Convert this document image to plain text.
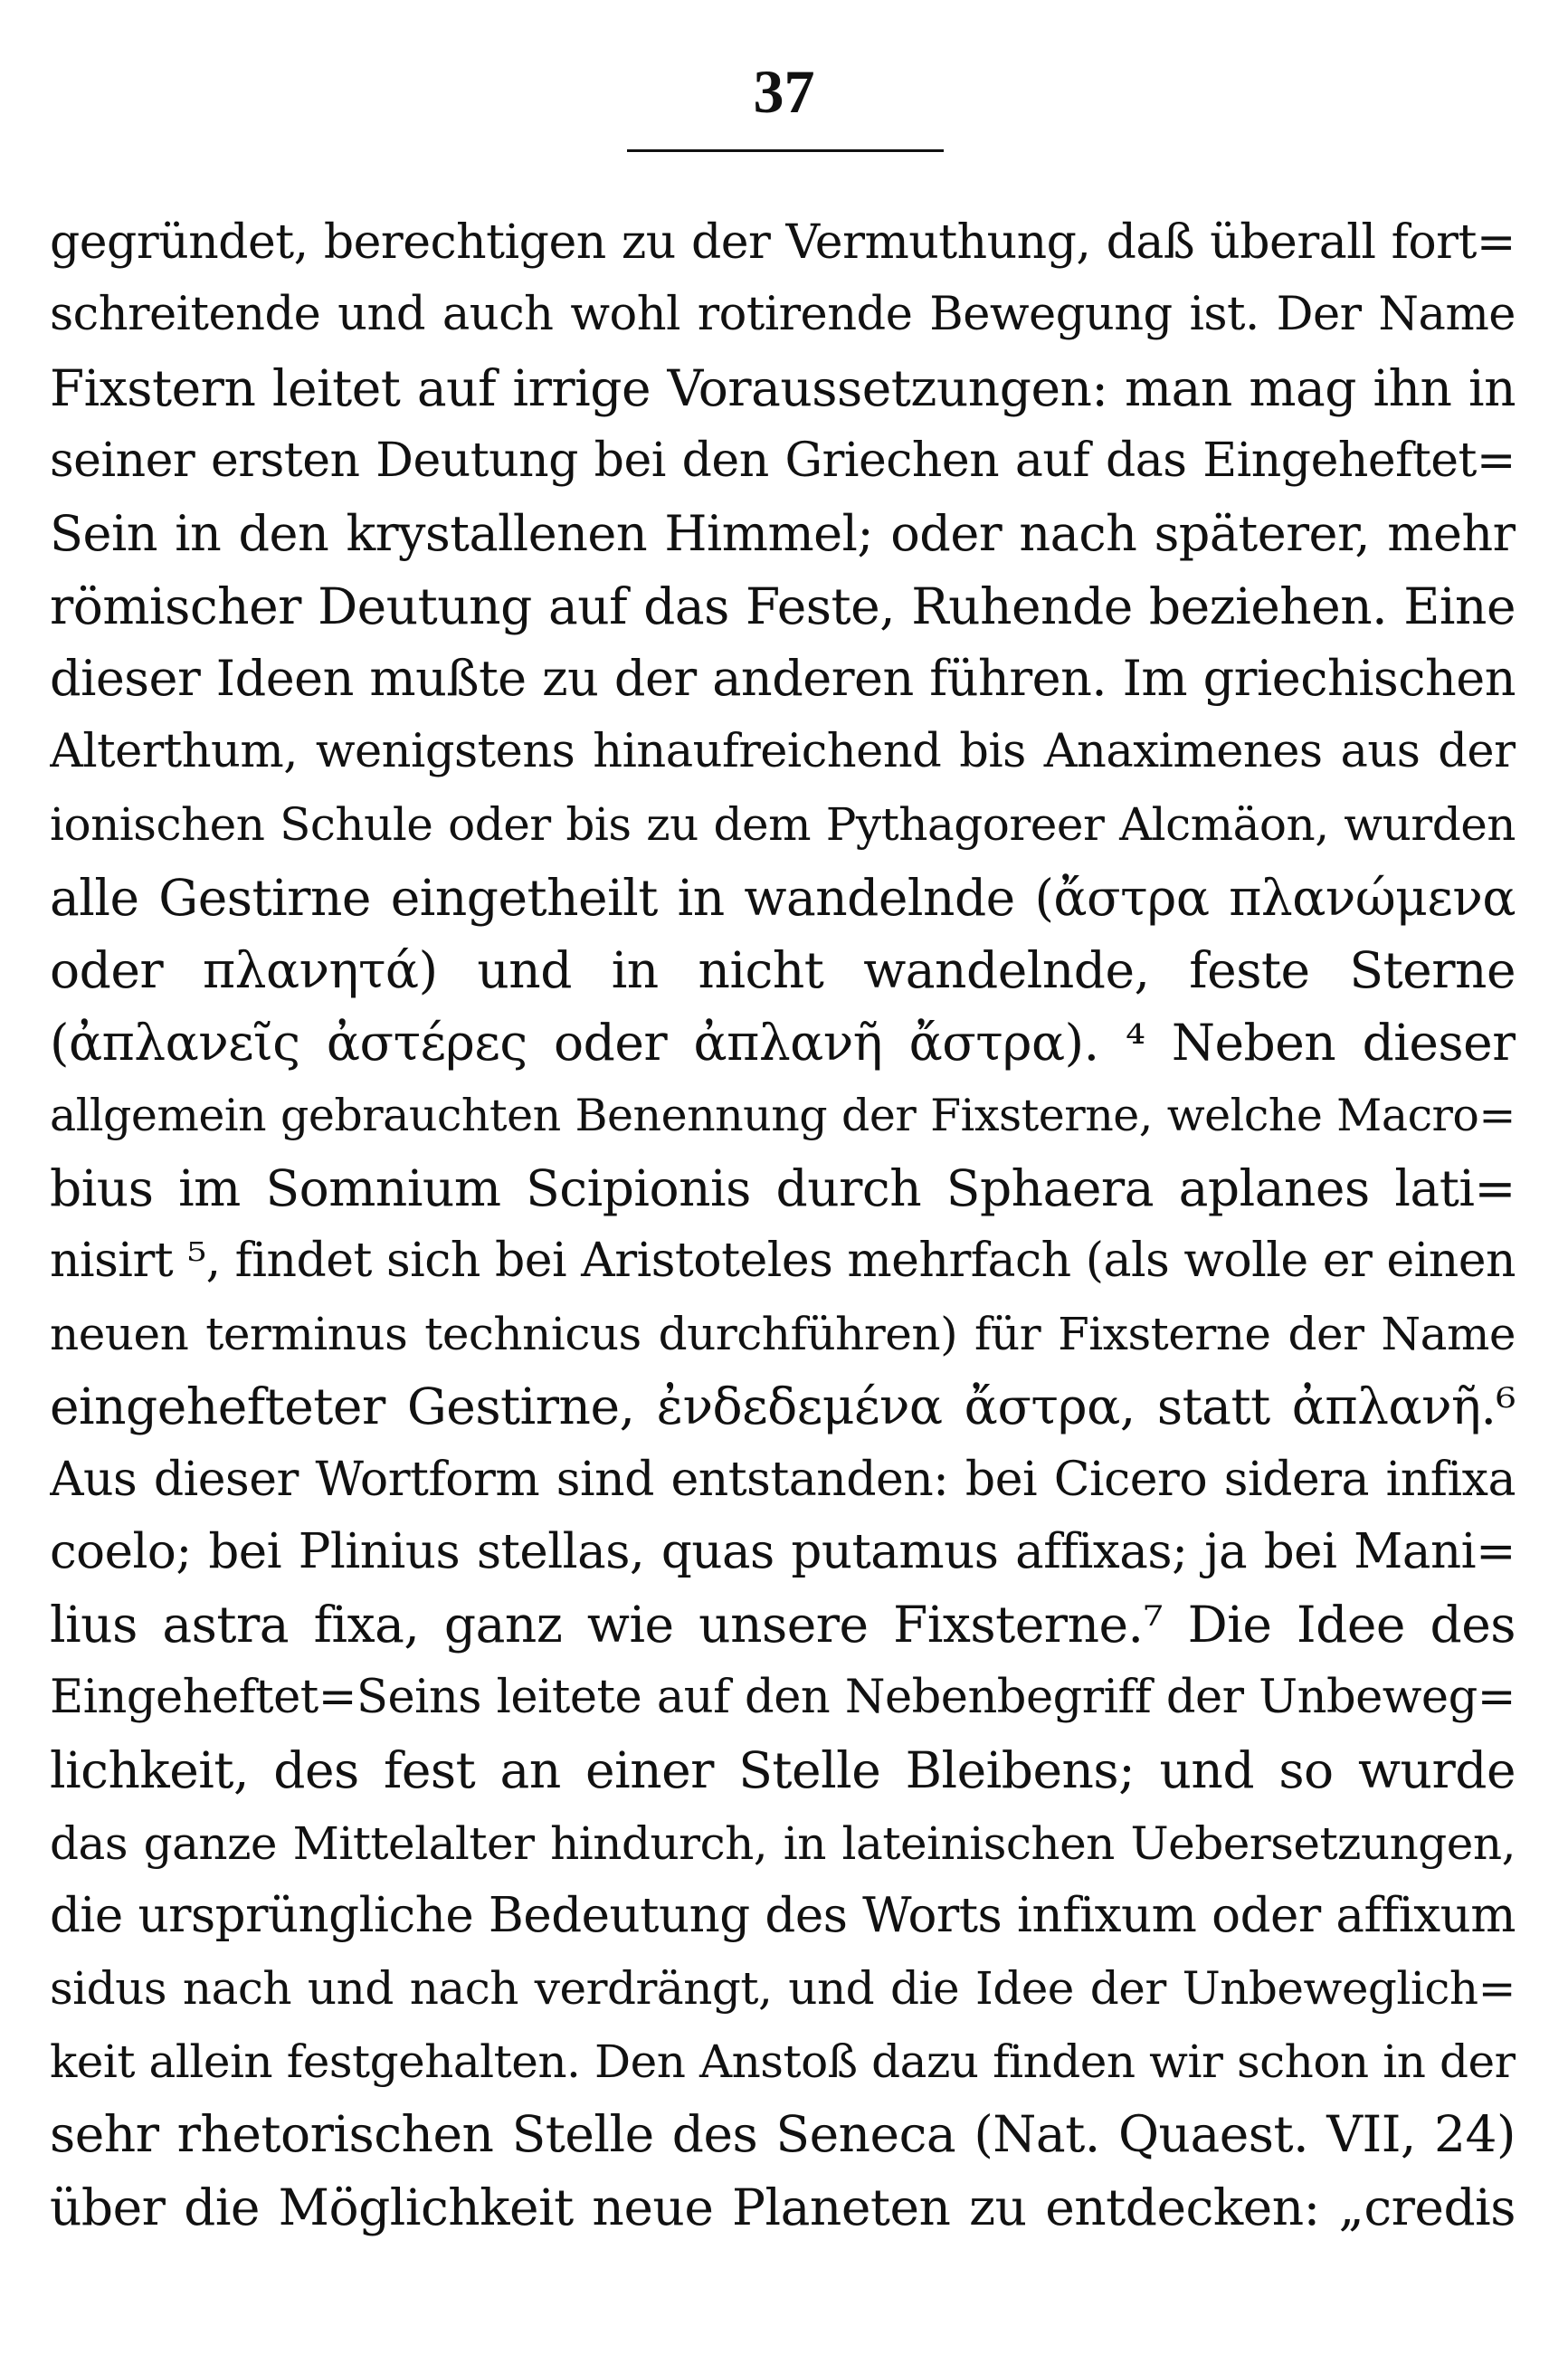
37
gegründet, berechtigen zu der Vermuthung, daß überall fort=
schreitende und auch wohl rotirende Bewegung ist. Der Name
Fixstern leitet auf irrige Voraussetzungen: man mag ihn in
seiner ersten Deutung bei den Griechen auf das Eingeheftet=
Sein in den krystallenen Himmel; oder nach späterer, mehr
römischer Deutung auf das Feste, Ruhende beziehen. Eine
dieser Ideen mußte zu der anderen führen. Im griechischen
Alterthum, wenigstens hinaufreichend bis Anaximenes aus der
ionischen Schule oder bis zu dem Pythagoreer Alcmäon, wurden
alle Gestirne eingetheilt in wandelnde (ἄστρα πλανώμενα
oder πλανητά) und in nicht wandelnde, feste Sterne
(ἀπλανεῖς ἀστέρες oder ἀπλανῆ ἄστρα). ⁴ Neben dieser
allgemein gebrauchten Benennung der Fixsterne, welche Macro=
bius im Somnium Scipionis durch Sphaera aplanes lati=
nisirt ⁵, findet sich bei Aristoteles mehrfach (als wolle er einen
neuen terminus technicus durchführen) für Fixsterne der Name
eingehefteter Gestirne, ἐνδεδεμένα ἄστρα, statt ἀπλανῆ.⁶
Aus dieser Wortform sind entstanden: bei Cicero sidera infixa
coelo; bei Plinius stellas, quas putamus affixas; ja bei Mani=
lius astra fixa, ganz wie unsere Fixsterne.⁷ Die Idee des
Eingeheftet=Seins leitete auf den Nebenbegriff der Unbeweg=
lichkeit, des fest an einer Stelle Bleibens; und so wurde
das ganze Mittelalter hindurch, in lateinischen Uebersetzungen,
die ursprüngliche Bedeutung des Worts infixum oder affixum
sidus nach und nach verdrängt, und die Idee der Unbeweglich=
keit allein festgehalten. Den Anstoß dazu finden wir schon in der
sehr rhetorischen Stelle des Seneca (Nat. Quaest. VII, 24)
über die Möglichkeit neue Planeten zu entdecken: „credis
